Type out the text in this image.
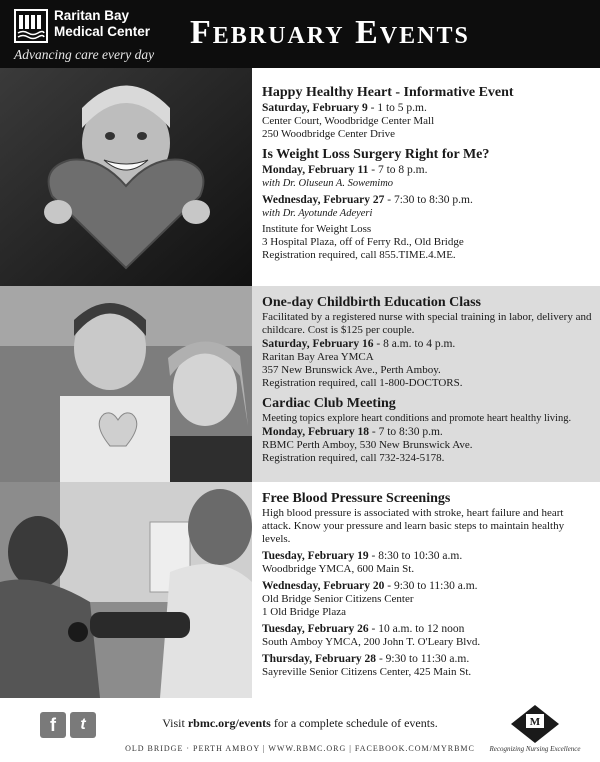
Raritan Bay
Medical Center
Advancing care every day
February Events
Happy Healthy Heart - Informative Event
Saturday, February 9 - 1 to 5 p.m.
Center Court, Woodbridge Center Mall
250 Woodbridge Center Drive
Is Weight Loss Surgery Right for Me?
Monday, February 11 - 7 to 8 p.m.
with Dr. Oluseun A. Sowemimo
Wednesday, February 27 - 7:30 to 8:30 p.m.
with Dr. Ayotunde Adeyeri
Institute for Weight Loss
3 Hospital Plaza, off of Ferry Rd., Old Bridge
Registration required, call 855.TIME.4.ME.
One-day Childbirth Education Class
Facilitated by a registered nurse with special training in labor, delivery and childcare. Cost is $125 per couple.
Saturday, February 16 - 8 a.m. to 4 p.m.
Raritan Bay Area YMCA
357 New Brunswick Ave., Perth Amboy.
Registration required, call 1-800-DOCTORS.
Cardiac Club Meeting
Meeting topics explore heart conditions and promote heart healthy living.
Monday, February 18 - 7 to 8:30 p.m.
RBMC Perth Amboy, 530 New Brunswick Ave.
Registration required, call 732-324-5178.
Free Blood Pressure Screenings
High blood pressure is associated with stroke, heart failure and heart attack. Know your pressure and learn basic steps to maintain healthy levels.
Tuesday, February 19 - 8:30 to 10:30 a.m.
Woodbridge YMCA, 600 Main St.
Wednesday, February 20 - 9:30 to 11:30 a.m.
Old Bridge Senior Citizens Center
1 Old Bridge Plaza
Tuesday, February 26 - 10 a.m. to 12 noon
South Amboy YMCA, 200 John T. O'Leary Blvd.
Thursday, February 28 - 9:30 to 11:30 a.m.
Sayreville Senior Citizens Center, 425 Main St.
f	t	Visit rbmc.org/events for a complete schedule of events.
OLD BRIDGE · PERTH AMBOY | WWW.RBMC.ORG | FACEBOOK.COM/MYRBMC
M
Recognizing Nursing Excellence
